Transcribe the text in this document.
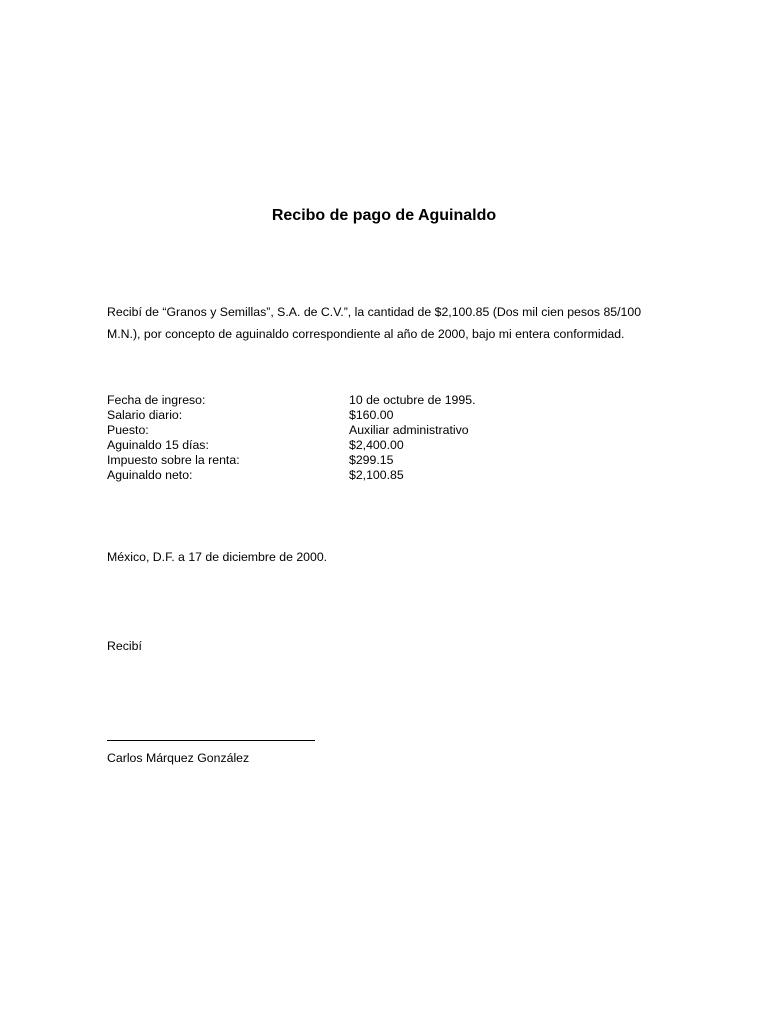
Recibo de pago de Aguinaldo
Recibí de “Granos y Semillas”, S.A. de C.V.”, la cantidad de $2,100.85 (Dos mil cien pesos 85/100 M.N.), por concepto de aguinaldo correspondiente al año de 2000, bajo mi entera conformidad.
Fecha de ingreso:	10 de octubre de 1995.
Salario diario:	$160.00
Puesto:	Auxiliar administrativo
Aguinaldo 15 días:	$2,400.00
Impuesto sobre la renta:	$299.15
Aguinaldo neto:	$2,100.85
México, D.F. a 17 de diciembre de 2000.
Recibí
Carlos Márquez González
